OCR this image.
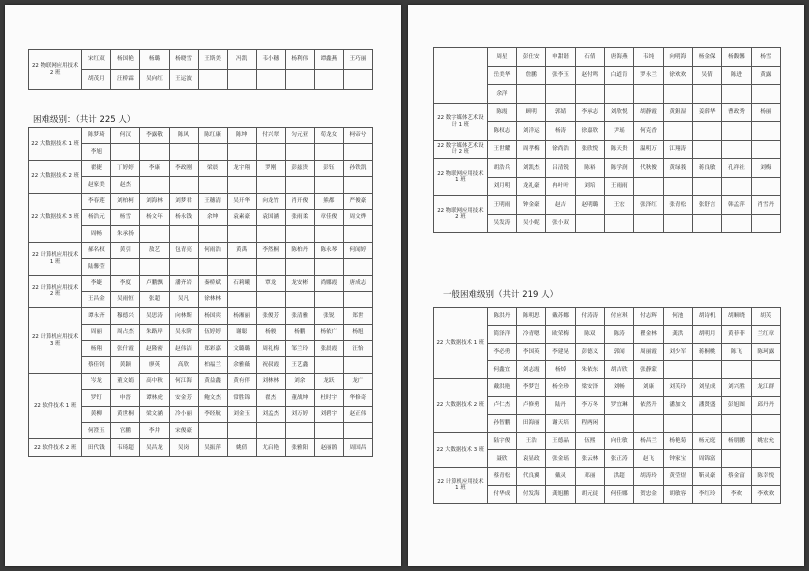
22 物联网应用技术 2 班	宋红双	杨国艳	杨璐	杨晓雪	王斯美	冯凯	韦小穗	杨利伟	谭鑫燕	王巧丽
	胡茂月	汪桥霖	吴向红	王运波						
困难级别：（共计 225 人）
22 大数据技术 1 班	陈梦琦	何汉	李露敬	陈风	陈红康	陈坤	付兴翠	匀元亚	荀龙女	柯帝兮
	李旭									
22 大数据技术 2 班	翟捷	丁婷婷	李康	李政刚	梁晨	龙宇翔	罗刚	彭兹贵	彭钰	孙铁凯
	赵家美	赵杰								
22 大数据技术 3 班	李春莲	刘柏柯	刘海林	刘梦君	王穗清	吴开华	向龙竹	肖开俊	熊都	严俊豪
	杨浩元	杨雪	杨文年	杨永钱	余坤	袁素豪	袁国涵	张雨柔	章佳俊	周文烨
	周畅	朱承扬								
22 计算机应用技术 1 班	郝名权	黄引	敖艺	包青亮	何雨浩	黄禹	李然桐	陈柏丹	陈永琴	何闻婷
	陆馨莹									
22 计算机应用技术 2 班	李婕	李度	卢鹏飘	潘齐岩	秦桥斌	石莉曦	覃龙	龙安彬	尚娜霞	唐成志
	王昌金	吴雨恒	张超	吴凡	徐林林					
22 计算机应用技术 3 班	谭永齐	穆德兴	吴思涛	向林斯	杨国宾	杨湘丽	张俊芳	张清雅	张锐	郑世
	周丽	周占杰	朱路岸	吴永阶	伍婷婷	谢聪	杨骏	杨鹏	杨依广	杨旭
	杨翔	张什霞	赵隆密	赵伟洁	郑彩嘉	文璐璐	周礼梅	邹兰玲	张晨霞	汪怡
	蔡佳钊	黄颖	廖英	高欣	柏福兰	余雅薇	祝叔霞	王艺鑫		
22 软件技术 1 班	岑龙	董文娟	高中秋	何江海	黄益鑫	黄有伴	刘林林	刘余	龙跃	龙广
	罗钉	申晋	谭林虎	安金芳	鲍文杰	常胜锦	翟杰	董战坤	杜时宇	华修奇
	黄柳	黄世桐	梁文涵	冷小丽	李经航	刘金玉	刘孟杰	刘万婷	刘碧宇	赵正伟
	何澄玉	官鹏	李井	宋俊豪						
22 软件技术 2 班	田代钱	韦琦超	吴昌龙	吴岗	吴振萍	姚倩	尤启艳	张雅阳	赵丽鹃	周国昌
	周星	彭仕安	申甜谐	石倩	唐海燕	韦纯	向明海	杨金保	杨馥馨	杨雪
	岳美华	詹鹏	张李玉	赵付鸣	白道肯	罗永兰	徐欢欢	吴倩	陈进	黄露
	余洋									
22 数字媒体艺术设计 1 班	陈霞	顾明	郭婧	李承志	刘欣悦	胡静霞	黄鉏湿	姜薛华	曹政秀	杨丽
	陈权志	刘洋运	杨涛	徐嘉欣	尹瑶	何克香				
22 数字媒体艺术设计 2 班	王世耀	周孝梅	徐尚浩	张欣悦	陈天贵	温明万	江翔涛			
22 物联网应用技术 1 班	胡浩兵	刘凯杰	吕清锐	陈裕	陈学润	代秋俊	黄绿莪	蒋良敏	孔祥社	刘梅
	刘月明	龙礼豪	冉叶叶	刘培	王雨雨					
22 物联网应用技术 2 班	王明雨	钟金豪	赵吉	赵明璐	王宏	张泽红	张青松	张舒言	韩孟萍	肖雪丹
	吴发涛	吴小妮	张小双							
一般困难级别（共计 219 人）
22 大数据技术 1 班	陈洪丹	陈明思	戴苏娜	付涛涛	付应琪	付志辉	何池	胡诗机	胡顺晓	胡芙
	简泽洋	冷青嗯	欧荣梅	陈双	陈涛	瞿金林	龚洪	胡明月	黄菲菲	兰红章
	李必勇	李国英	李建晃	彭德义	郭闻	周丽霞	刘少军	蒋桐桃	陈飞	陈珂露
	何鑫宜	刘志霞	杨焯	朱依东	胡吉欣	张静蒙				
22 大数据技术 2 班	戴洪艳	李梦岂	杨全珍	梁安泽	刘畅	刘康	刘芙玲	刘星成	刘兴胜	龙江群
	卢仁杰	卢修勇	陆丹	李万冬	罗宜琳	依然升	潘加文	潘贤盛	彭旭图	邱丹丹
	孙智鹏	田海丽	谢天培	程两闲						
22 大数据技术 3 班	陆宇俊	王浩	王德晶	伍熙	向仕敏	杨昌兰	杨艳菊	杨元庭	杨朋鹏	姚宏允
	聂欣	袁显政	张金瑶	张云林	张正涛	赵飞	钟家宝	周锦富		
22 计算机应用技术 1 班	蔡青松	代良翼	戴灵	邓丽	洪超	胡涛玲	黄莹煜	靳灵豪	蔡金富	陈幸悦
	付华成	付发海	龚旭鹏	胡元徒	何佳娜	贺忠金	胡敏容	李红玲	李欢	李欢欢
